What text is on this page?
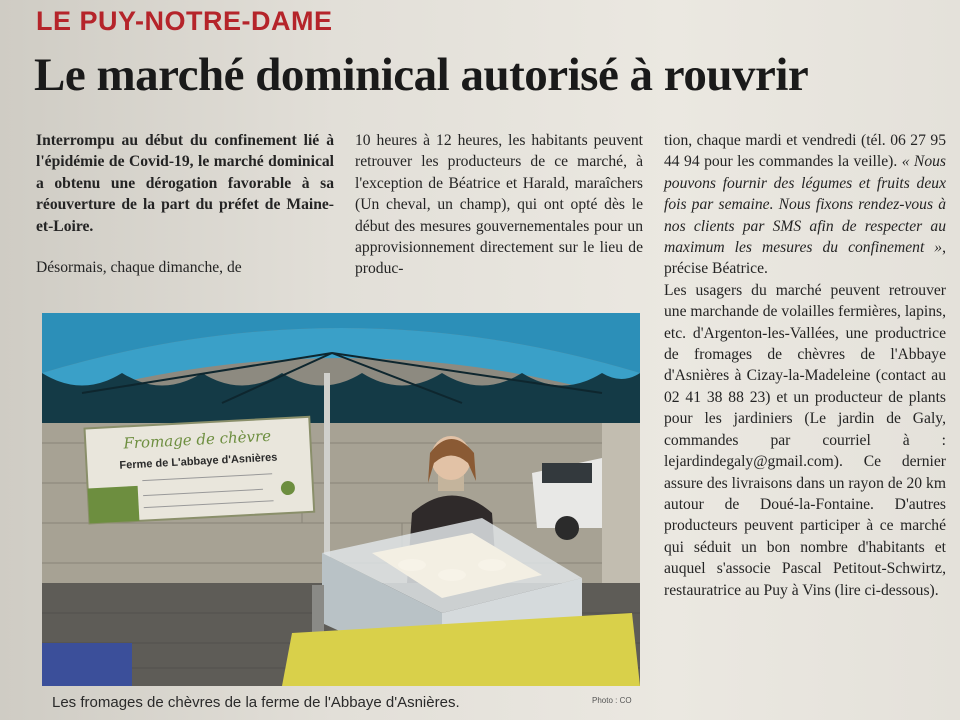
LE PUY-NOTRE-DAME
Le marché dominical autorisé à rouvrir

Interrompu au début du confinement lié à l'épidémie de Covid-19, le marché dominical a obtenu une dérogation favorable à sa réouverture de la part du préfet de Maine-et-Loire.

Désormais, chaque dimanche, de

10 heures à 12 heures, les habitants peuvent retrouver les producteurs de ce marché, à l'exception de Béatrice et Harald, maraîchers (Un cheval, un champ), qui ont opté dès le début des mesures gouvernementales pour un approvisionnement directement sur le lieu de produc-

tion, chaque mardi et vendredi (tél. 06 27 95 44 94 pour les commandes la veille). « Nous pouvons fournir des légumes et fruits deux fois par semaine. Nous fixons rendez-vous à nos clients par SMS afin de respecter au maximum les mesures du confinement », précise Béatrice.

Les usagers du marché peuvent retrouver une marchande de volailles fermières, lapins, etc. d'Argenton-les-Vallées, une productrice de fromages de chèvres de l'Abbaye d'Asnières à Cizay-la-Madeleine (contact au 02 41 38 88 23) et un producteur de plants pour les jardiniers (Le jardin de Galy, commandes par courriel à : lejardindegaly@gmail.com). Ce dernier assure des livraisons dans un rayon de 20 km autour de Doué-la-Fontaine. D'autres producteurs peuvent participer à ce marché qui séduit un bon nombre d'habitants et auquel s'associe Pascal Petitout-Schwirtz, restauratrice au Puy à Vins (lire ci-dessous).

Fromage de chèvre
Ferme de L'abbaye d'Asnières
Les fromages de chèvres de la ferme de l'Abbaye d'Asnières.	Photo : CO
